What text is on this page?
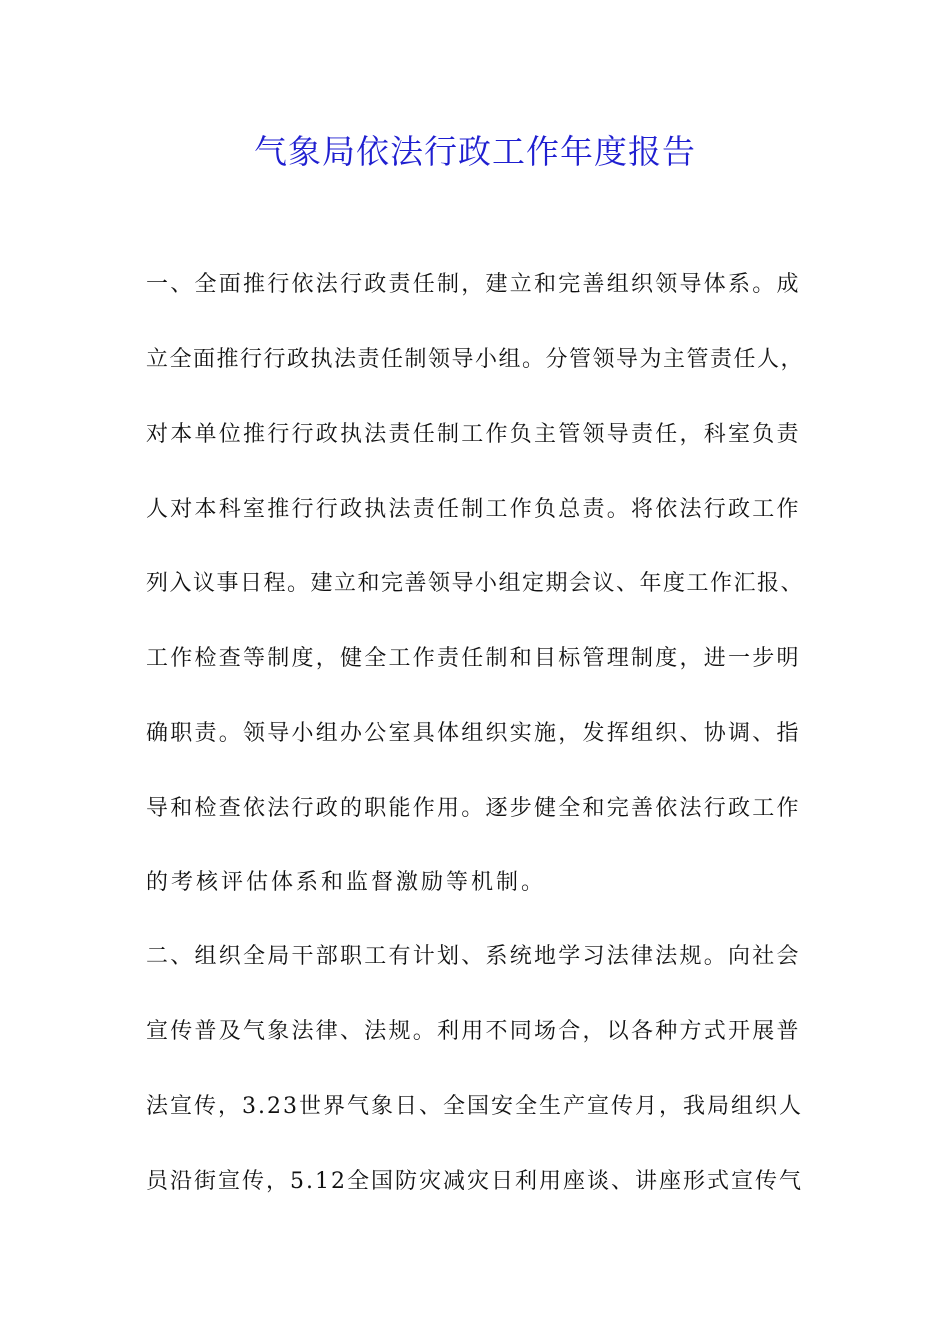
气象局依法行政工作年度报告
一、全面推行依法行政责任制，建立和完善组织领导体系。成
立全面推行行政执法责任制领导小组。分管领导为主管责任人，
对本单位推行行政执法责任制工作负主管领导责任，科室负责
人对本科室推行行政执法责任制工作负总责。将依法行政工作
列入议事日程。建立和完善领导小组定期会议、年度工作汇报、
工作检查等制度，健全工作责任制和目标管理制度，进一步明
确职责。领导小组办公室具体组织实施，发挥组织、协调、指
导和检查依法行政的职能作用。逐步健全和完善依法行政工作
的考核评估体系和监督激励等机制。
二、组织全局干部职工有计划、系统地学习法律法规。向社会
宣传普及气象法律、法规。利用不同场合，以各种方式开展普
法宣传，3.23世界气象日、全国安全生产宣传月，我局组织人
员沿街宣传，5.12全国防灾减灾日利用座谈、讲座形式宣传气
